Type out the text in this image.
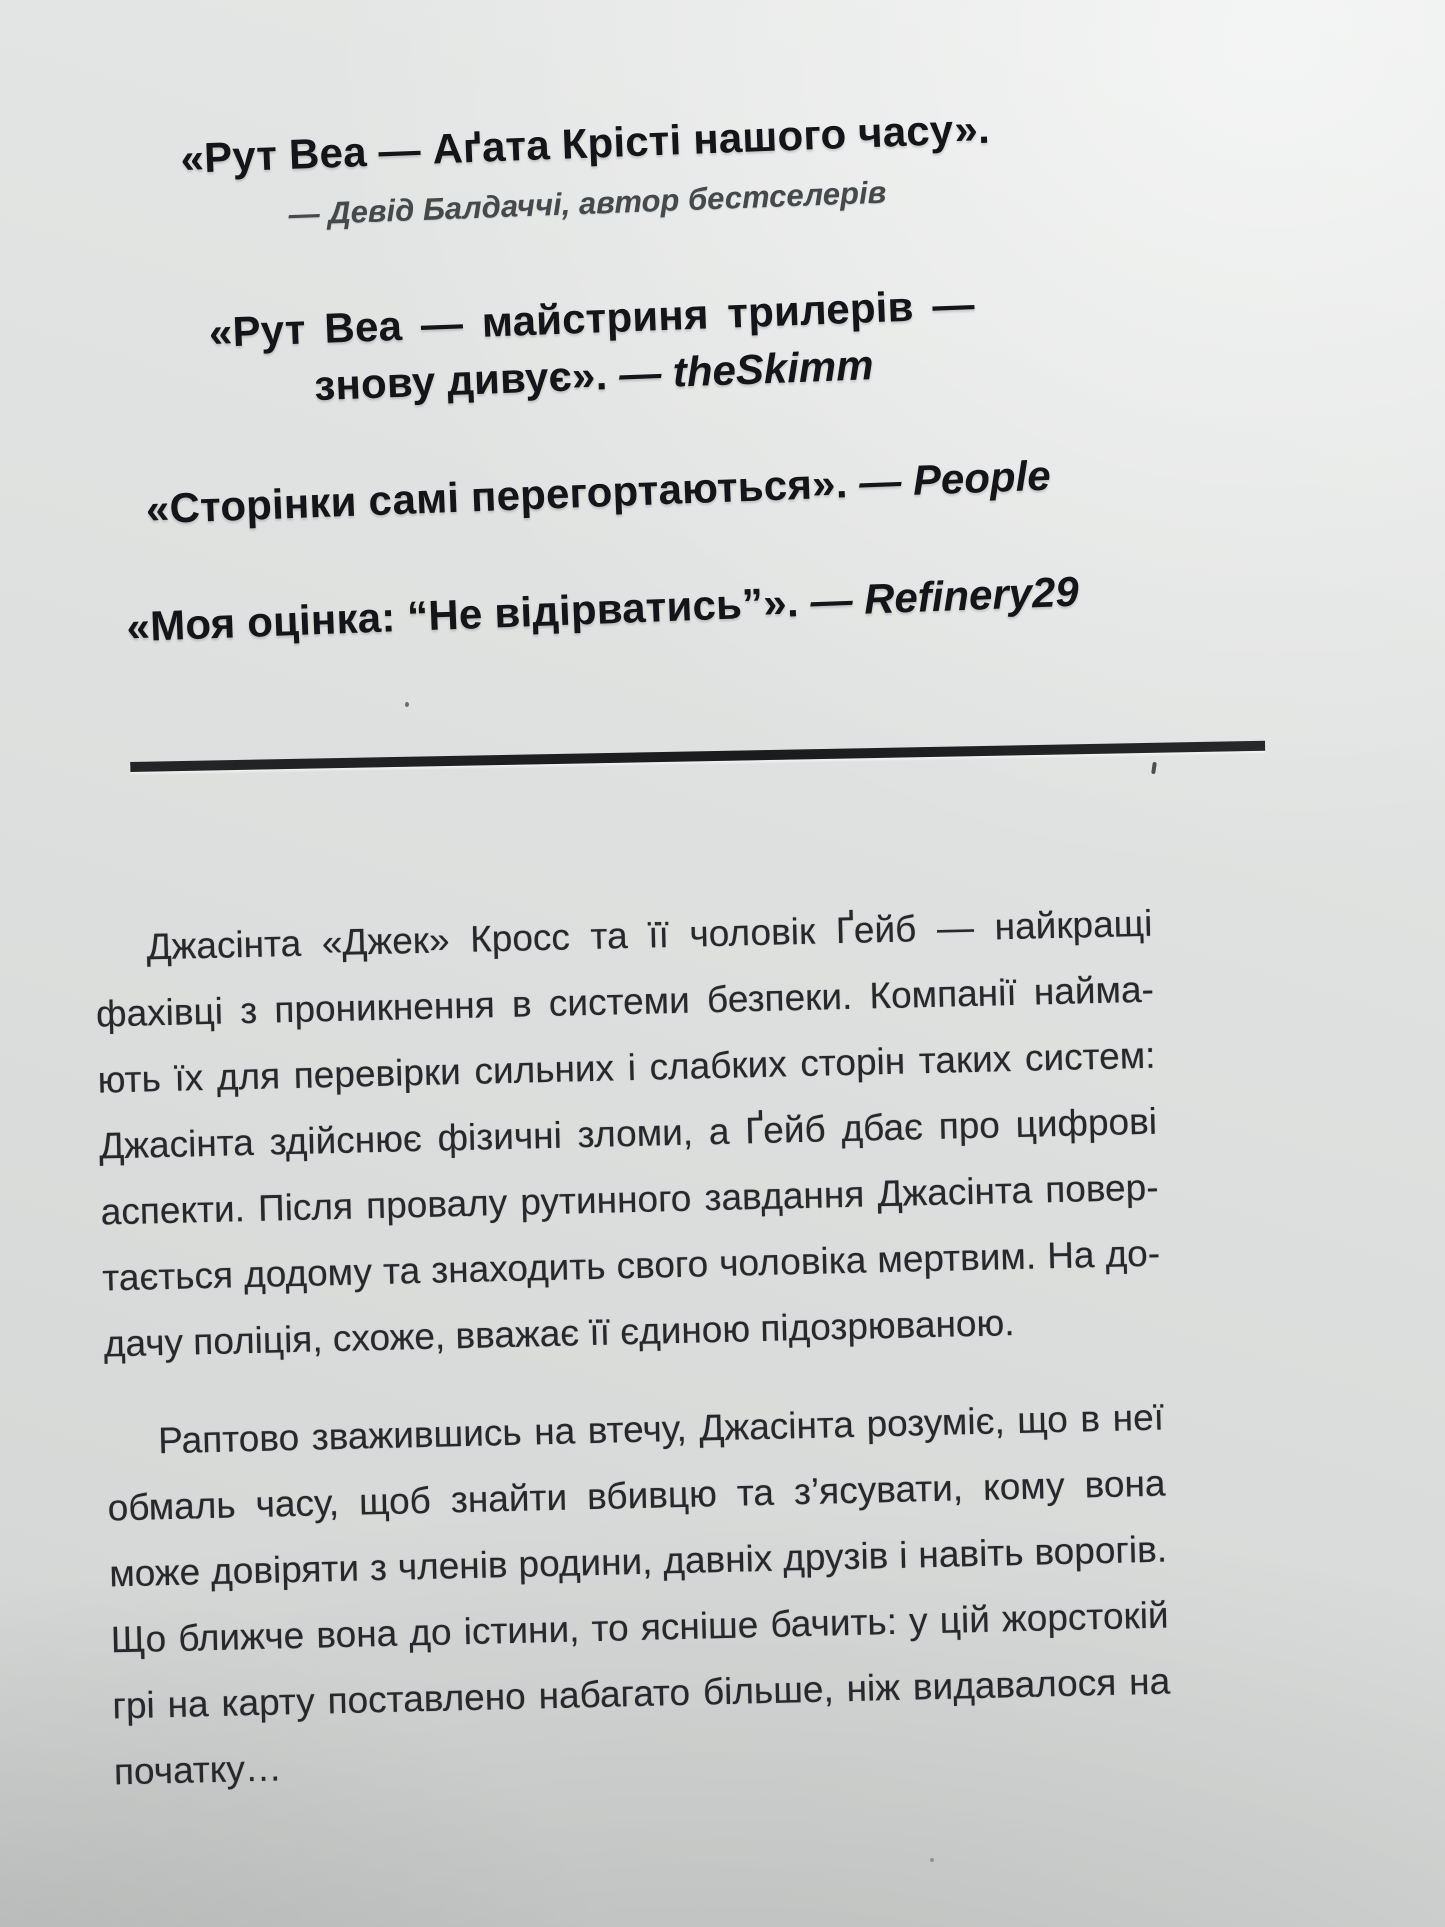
«Рут Веа — Аґата Крісті нашого часу».

— Девід Балдаччі, автор бестселерів

«Рут Веа — майстриня трилерів —

знову дивує». — theSkimm

«Сторінки самі перегортаються». — People

«Моя оцінка: “Не відірватись”». — Refinery29

Джасінта «Джек» Кросс та її чоловік Ґейб — найкращі

фахівці з проникнення в системи безпеки. Компанії найма-

ють їх для перевірки сильних і слабких сторін таких систем:

Джасінта здійснює фізичні зломи, а Ґейб дбає про цифрові

аспекти. Після провалу рутинного завдання Джасінта повер-

тається додому та знаходить свого чоловіка мертвим. На до-

дачу поліція, схоже, вважає її єдиною підозрюваною.

Раптово зважившись на втечу, Джасінта розуміє, що в неї

обмаль часу, щоб знайти вбивцю та з’ясувати, кому вона

може довіряти з членів родини, давніх друзів і навіть ворогів.

Що ближче вона до істини, то ясніше бачить: у цій жорстокій

грі на карту поставлено набагато більше, ніж видавалося на

початку…
